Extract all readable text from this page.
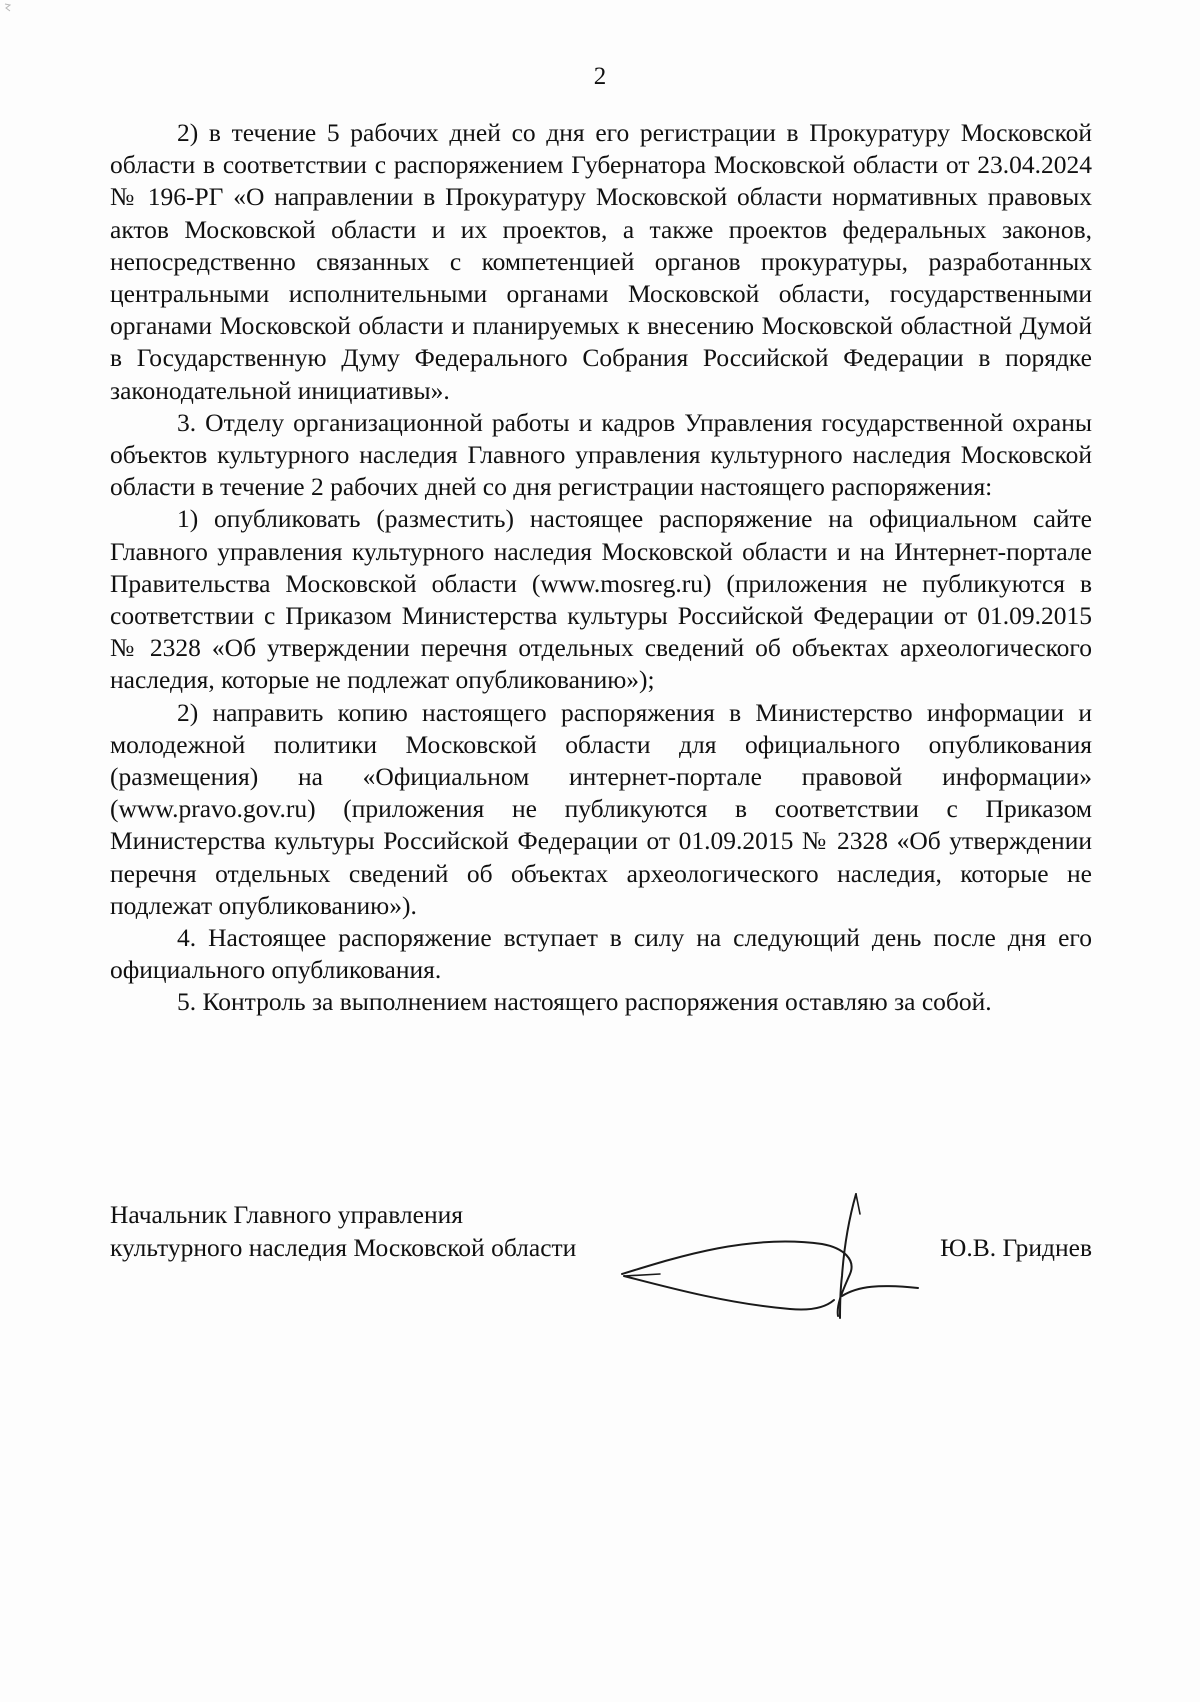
2

2) в течение 5 рабочих дней со дня его регистрации в Прокуратуру Московской области в соответствии с распоряжением Губернатора Московской области от 23.04.2024 № 196-РГ «О направлении в Прокуратуру Московской области нормативных правовых актов Московской области и их проектов, а также проектов федеральных законов, непосредственно связанных с компетенцией органов прокуратуры, разработанных центральными исполнительными органами Московской области, государственными органами Московской области и планируемых к внесению Московской областной Думой в Государственную Думу Федерального Собрания Российской Федерации в порядке законодательной инициативы».

3. Отделу организационной работы и кадров Управления государственной охраны объектов культурного наследия Главного управления культурного наследия Московской области в течение 2 рабочих дней со дня регистрации настоящего распоряжения:

1) опубликовать (разместить) настоящее распоряжение на официальном сайте Главного управления культурного наследия Московской области и на Интернет-портале Правительства Московской области (www.mosreg.ru) (приложения не публикуются в соответствии с Приказом Министерства культуры Российской Федерации от 01.09.2015 № 2328 «Об утверждении перечня отдельных сведений об объектах археологического наследия, которые не подлежат опубликованию»);

2) направить копию настоящего распоряжения в Министерство информации и молодежной политики Московской области для официального опубликования (размещения) на «Официальном интернет-портале правовой информации» (www.pravo.gov.ru) (приложения не публикуются в соответствии с Приказом Министерства культуры Российской Федерации от 01.09.2015 № 2328 «Об утверждении перечня отдельных сведений об объектах археологического наследия, которые не подлежат опубликованию»).

4. Настоящее распоряжение вступает в силу на следующий день после дня его официального опубликования.

5. Контроль за выполнением настоящего распоряжения оставляю за собой.

Начальник Главного управления
культурного наследия Московской области	Ю.В. Гриднев
